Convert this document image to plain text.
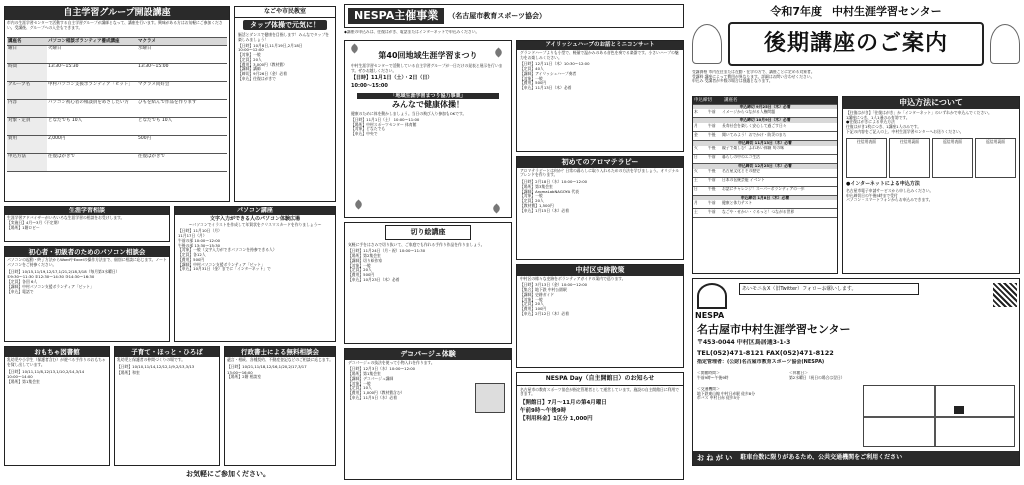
自主学習グループ開設講座
市内の生涯学習センターで活動する自主学習グループが講師となって、講座を行います。興味がある方はお気軽にご参加ください。受講後、グループへの入会もできます。
講座名	パソコン相談ボランティア養成講座	マクラメ
曜日	火曜日	水曜日
時間	13:30～15:30	13:30～15:00
グループ名	中村パソコン支援ボランティア「ビット」	マクラメ同好会
内容	パソコン初心者の相談員をめざしたい方	ひもを結んで作品を作ります
対象・定員	どなたでも 10人	どなたでも 10人
費用	2,000円	500円
申込方法	往復はがきで	往復はがきで
なごや市民教室
タップ体操で元気に！
脳活とダンスで健康を目指します！みんなでタップを楽しみましょう！
【日時】10月8日,11月19日,2月18日
10:00～12:00
【対象】一般
【定員】20人
【費用】3,000円（教材費）
【講師】講師
【締切】9月26日（金）必着
【申込】往復はがきで
生涯学習相談
生涯学習アドバイザーがいろいろな生涯学習の相談をお受けします。
【実施日】4月～3月（不定期）
【場所】1階ロビー
パソコン講座
文字入力ができる人のパソコン体験広場
～パソコンでイラストを作成して年賀状をクリスマスカードを作りましょう～
【日時】11月10日（月）
11月17日（月）
午前の部 10:00～12:00
午後の部 13:30～15:30
【対象】一般（文字入力ができパソコンを持参できる人）
【定員】各12人
【費用】500円
【講師】中村パソコン支援ボランティア「ビット」
【申込】10月31日（金）までに「インターネット」で
初心者・初級者のためのパソコン相談会
パソコンの起動・終了方法からWordやExcelの操作方法まで、個別に相談に応じます。ノートパソコンをご持参ください。
【日時】10/15,11/19,12/17,1/21,2/18,3/18（毎月第3水曜日）
①9:30～11:30 ②12:30～14:30 ③14:30～16:30
【定員】各回 6人
【講師】中村パソコン支援ボランティア「ビット」
【申込】電話で
おもちゃ図書館
乳幼児や小学生（保護者含む）が遊べる手作りのおもちゃを貸し出しています。
【日時】10/11,11/8,12/13,1/10,2/14,3/14
10:00～14:00
【場所】第1集会室
子育て・ほっと・ひろば
乳幼児と保護者の仲間づくりの場です。
【日時】10/10,11/14,12/12,1/9,2/13,3/13
【場所】和室
行政書士による無料相談会
遺言・相続、各種契約、不動産登記などのご相談に応じます。
【日時】10/21,11/18,12/16,1/20,2/17,3/17
13:00～16:00
【場所】2階 相談室
お気軽にご参加ください。
NESPA主催事業	（名古屋市教育スポーツ協会）
◆講座の申込みは、往復はがき、電話またはインターネットで申込みください。
第40回地域生涯学習まつり
中村生涯学習センターで活動している自主学習グループが一日だけの発表と展示を行います。ぜひお越しください。
【日時】11月1日（土）・2日（日）
10:00～15:00
「地域生涯学習まつり協力事業」
みんなで健康体操！
健康のために体を動かしましょう。当日の飛び入り参加もOKです。
【日時】11月1日（土） 10:00～11:00
【場所】中村スポーツセンター 体育館
【対象】どなたでも
【申込】中央で
アイリッシュハープのお話とミニコンサート
グランドハープよりも小型で、軽量で温かみのある音色を奏でる楽器です。小さいハープの魅力をお楽しみください。
【日時】12月11日（木）10:30～12:00
【定員】40人
【講師】アイリッシュハープ奏者
【対象】一般
【費用】500円
【申込】11月13日（木）必着
初めてのアロマテラピー
アロマテラピーとは何か？日常の暮らしに取り入れるための方法を学びましょう。オリジナルブレンドを作ります。
【日時】2月18日（水）10:00～12:00
【場所】第3集会室
【講師】AromaLabNAGOYA 代表
【対象】一般
【定員】20人
【教材費】1,500円
【申込】1月15日（木）必着
切り絵講座
気軽に手をはさみで切り抜いて、ご家庭でも作れる手作り作品を作りましょう。
【日時】11月24日（月・祝）10:00～11:30
【場所】第2集会室
【講師】切り絵作家
【対象】一般
【定員】20人
【費用】500円
【申込】10月23日（木）必着
中村区史跡散策
中村区の様々な史跡をボランティアガイドの案内で巡ります。
【日時】3月13日（金）10:00～12:00
【集合】地下鉄 中村公園駅
【講師】史跡ガイド
【対象】一般
【定員】20人
【費用】100円
【申込】2月12日（木）必着
デコパージュ体験
デコパージュの技法を使って小物入れを作ります。
【日時】12月3日（水）10:00～12:00
【場所】第1集会室
【講師】デコパージュ講師
【対象】一般
【定員】10人
【費用】1,000円（教材費含む）
【申込】11月5日（水）必着
NESPA Day（自主開館日）のお知らせ
名古屋市の教育スポーツ協会が指定管理者として運営しています。施設の自主開館日に利用できます。
【開館日】7月～11月の第4月曜日
午前9時～午後9時
【利用料金】1区分 1,000円
令和7年度 中村生涯学習センター
後期講座のご案内
受講資格 市内在住または在勤・在学の方で、講座ごとに定める対象者。
受講料 講座によって費用が異なります。詳細はお問い合わせください。
申込み 受講者が多数の場合は抽選となります。
申込締切	講座名
申込締切 9月25日（木）必着
木	午前	イメージからつながる人権問題
申込締切 10月9日（木）必着
月	午前	長寿社会を楽しく安心して過ごす日々
金	午後	聞いてみよう！おでかけ・防災のまち
申込締切 11月13日（木）必着
火	午後	親子で楽しむ！ふれあい体験 旬の味
日	午前	暮らしの中のエコ生活
申込締切 12月25日（木）必着
火	午後	名古屋文化とその歴史
土	午前	日本の伝統芸能 イベント
日	午後	お話にチャレンジ！スーパーボランティアの一歩
申込締切 1月8日（木）必着
月	午前	健康と体力テスト
土	午前	なごや・せかい・ぐるっと！つながる世界
申込方法について
【往復はがき】「往復はがき」か「インターネット」のいずれかで申込んでください。
1講座につき、1人1通のみ有効です。
●往復はがきによる申込方法
往復はがき1枚につき、1講座1人のみです。
下記の内容をご記入の上、中村生涯学習センターへお送りください。
往信用表面	往信用裏面	返信用表面	返信用裏面
●インターネットによる申込方法
名古屋市電子申請サービスから申し込みください。
申込締切日の午後5時まで受付
パソコン・スマートフォンからお申込みできます。
NESPA
あいモニ＆X（旧Twitter）フォローお願いします。
名古屋市中村生涯学習センター
〒453-0044 中村区鳥居通3-1-3
TEL(052)471-8121 FAX(052)471-8122
指定管理者：(公財)名古屋市教育スポーツ協会(NESPA)
＜開館時間＞
午前9時～午後9時
＜休館日＞
第2水曜日（祝日の場合は翌日）
＜交通機関＞
地下鉄東山線 中村日赤駅 徒歩8分
市バス 中村日赤 徒歩5分
お ね が い 駐車台数に限りがあるため、公共交通機関をご利用ください
